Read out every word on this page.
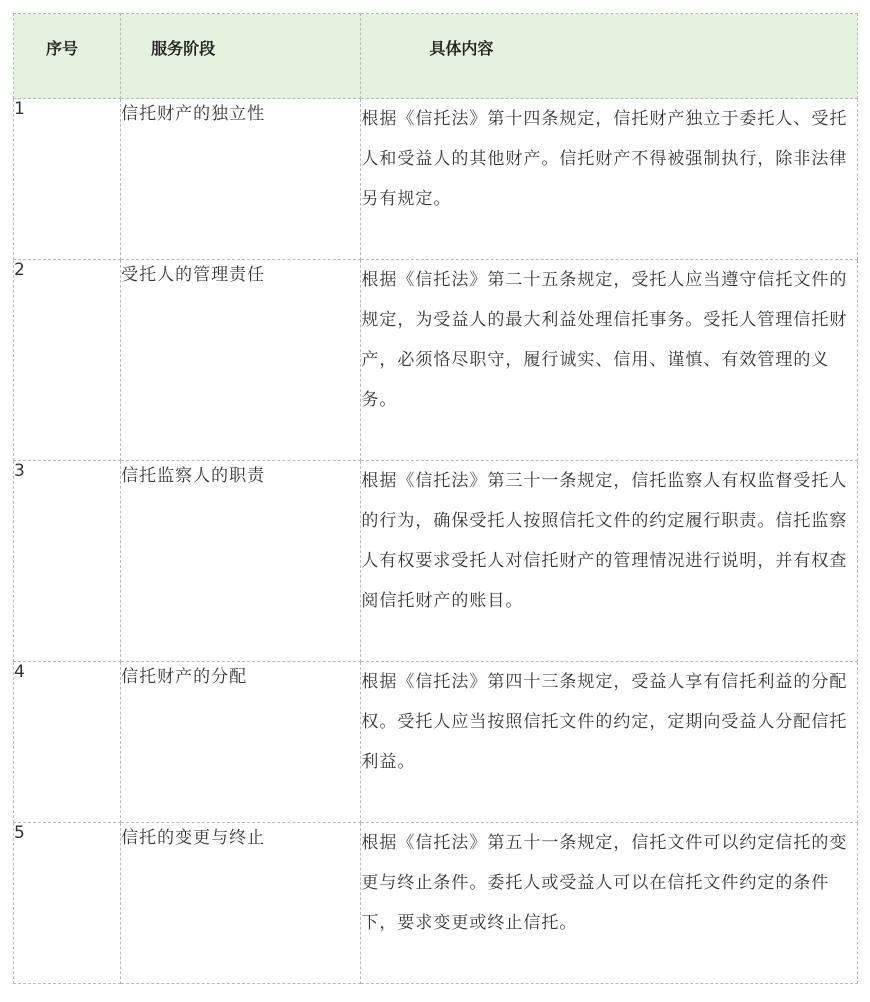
序号	服务阶段	具体内容

1	信托财产的独立性	根据《信托法》第十四条规定，信托财产独立于委托人、受托人和受益人的其他财产。信托财产不得被强制执行，除非法律另有规定。
2	受托人的管理责任	根据《信托法》第二十五条规定，受托人应当遵守信托文件的规定，为受益人的最大利益处理信托事务。受托人管理信托财产，必须恪尽职守，履行诚实、信用、谨慎、有效管理的义务。
3	信托监察人的职责	根据《信托法》第三十一条规定，信托监察人有权监督受托人的行为，确保受托人按照信托文件的约定履行职责。信托监察人有权要求受托人对信托财产的管理情况进行说明，并有权查阅信托财产的账目。
4	信托财产的分配	根据《信托法》第四十三条规定，受益人享有信托利益的分配权。受托人应当按照信托文件的约定，定期向受益人分配信托利益。
5	信托的变更与终止	根据《信托法》第五十一条规定，信托文件可以约定信托的变更与终止条件。委托人或受益人可以在信托文件约定的条件下，要求变更或终止信托。
